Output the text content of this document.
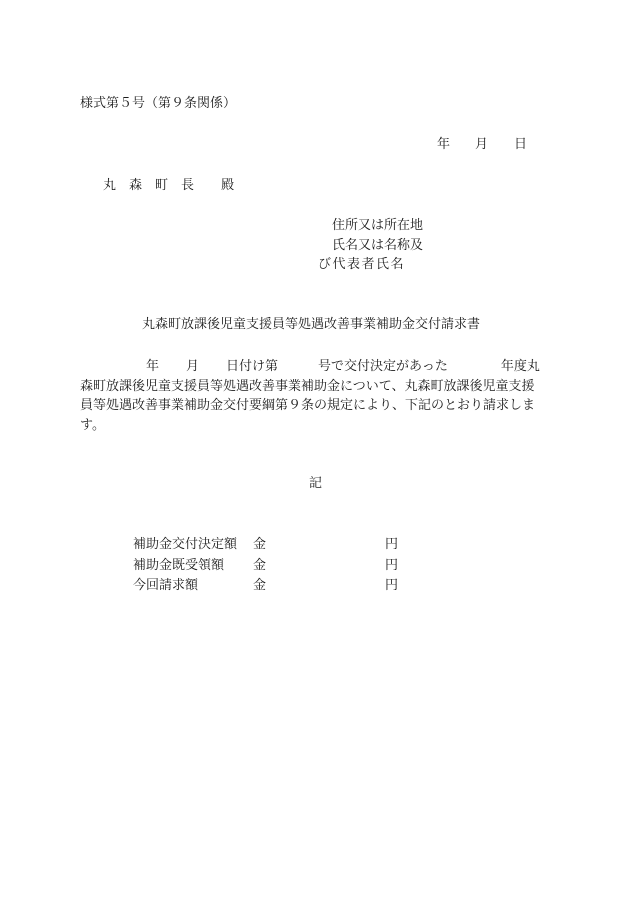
様式第５号（第９条関係）
年 月 日
丸 森 町 長 殿
住所又は所在地
氏名又は名称及
び代表者氏名
丸森町放課後児童支援員等処遇改善事業補助金交付請求書
年 月 日付け第	号で交付決定があった	年度丸
森町放課後児童支援員等処遇改善事業補助金について、丸森町放課後児童支援
員等処遇改善事業補助金交付要綱第９条の規定により、下記のとおり請求しま
す。
記
補助金交付決定額 金	円
補助金既受領額 金	円
今回請求額	金	円
